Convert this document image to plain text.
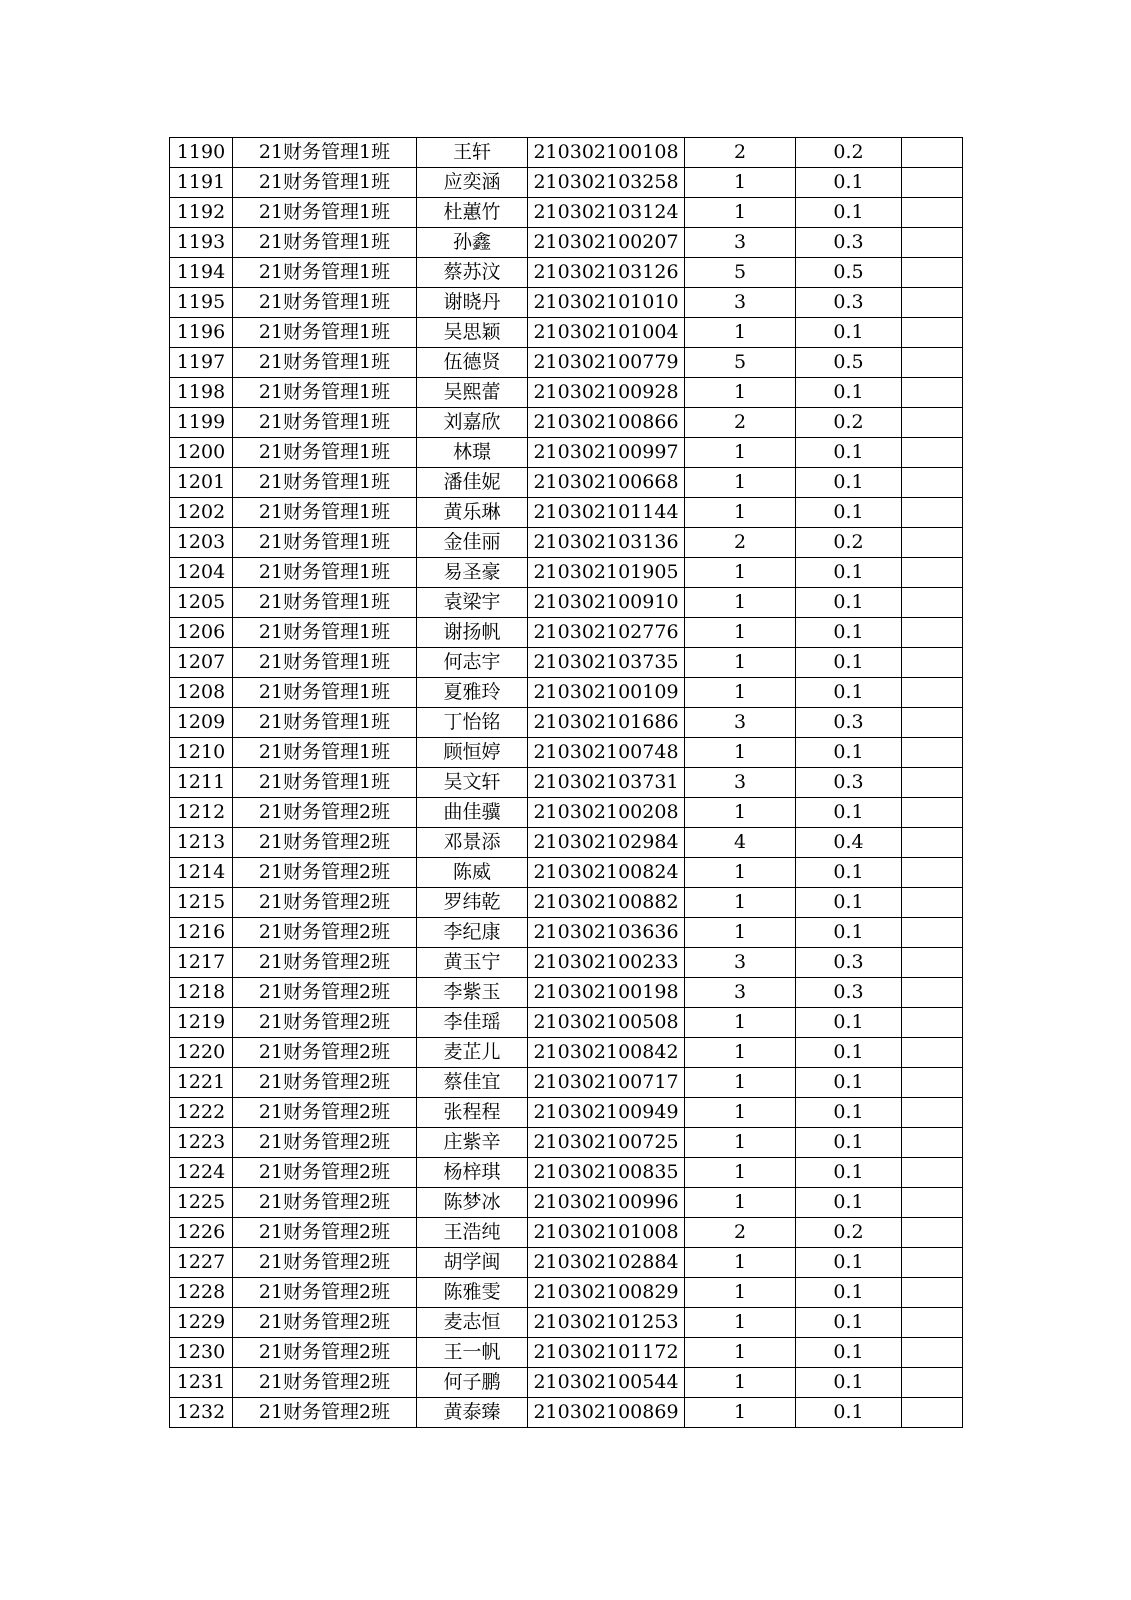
1190	21财务管理1班	王轩	210302100108	2	0.2	
1191	21财务管理1班	应奕涵	210302103258	1	0.1	
1192	21财务管理1班	杜蕙竹	210302103124	1	0.1	
1193	21财务管理1班	孙鑫	210302100207	3	0.3	
1194	21财务管理1班	蔡苏汶	210302103126	5	0.5	
1195	21财务管理1班	谢晓丹	210302101010	3	0.3	
1196	21财务管理1班	吴思颖	210302101004	1	0.1	
1197	21财务管理1班	伍德贤	210302100779	5	0.5	
1198	21财务管理1班	吴熙蕾	210302100928	1	0.1	
1199	21财务管理1班	刘嘉欣	210302100866	2	0.2	
1200	21财务管理1班	林璟	210302100997	1	0.1	
1201	21财务管理1班	潘佳妮	210302100668	1	0.1	
1202	21财务管理1班	黄乐琳	210302101144	1	0.1	
1203	21财务管理1班	金佳丽	210302103136	2	0.2	
1204	21财务管理1班	易圣豪	210302101905	1	0.1	
1205	21财务管理1班	袁梁宇	210302100910	1	0.1	
1206	21财务管理1班	谢扬帆	210302102776	1	0.1	
1207	21财务管理1班	何志宇	210302103735	1	0.1	
1208	21财务管理1班	夏雅玲	210302100109	1	0.1	
1209	21财务管理1班	丁怡铭	210302101686	3	0.3	
1210	21财务管理1班	顾恒婷	210302100748	1	0.1	
1211	21财务管理1班	吴文轩	210302103731	3	0.3	
1212	21财务管理2班	曲佳骥	210302100208	1	0.1	
1213	21财务管理2班	邓景添	210302102984	4	0.4	
1214	21财务管理2班	陈威	210302100824	1	0.1	
1215	21财务管理2班	罗纬乾	210302100882	1	0.1	
1216	21财务管理2班	李纪康	210302103636	1	0.1	
1217	21财务管理2班	黄玉宁	210302100233	3	0.3	
1218	21财务管理2班	李紫玉	210302100198	3	0.3	
1219	21财务管理2班	李佳瑶	210302100508	1	0.1	
1220	21财务管理2班	麦芷儿	210302100842	1	0.1	
1221	21财务管理2班	蔡佳宜	210302100717	1	0.1	
1222	21财务管理2班	张程程	210302100949	1	0.1	
1223	21财务管理2班	庄紫辛	210302100725	1	0.1	
1224	21财务管理2班	杨梓琪	210302100835	1	0.1	
1225	21财务管理2班	陈梦冰	210302100996	1	0.1	
1226	21财务管理2班	王浩纯	210302101008	2	0.2	
1227	21财务管理2班	胡学闽	210302102884	1	0.1	
1228	21财务管理2班	陈雅雯	210302100829	1	0.1	
1229	21财务管理2班	麦志恒	210302101253	1	0.1	
1230	21财务管理2班	王一帆	210302101172	1	0.1	
1231	21财务管理2班	何子鹏	210302100544	1	0.1	
1232	21财务管理2班	黄泰臻	210302100869	1	0.1	
